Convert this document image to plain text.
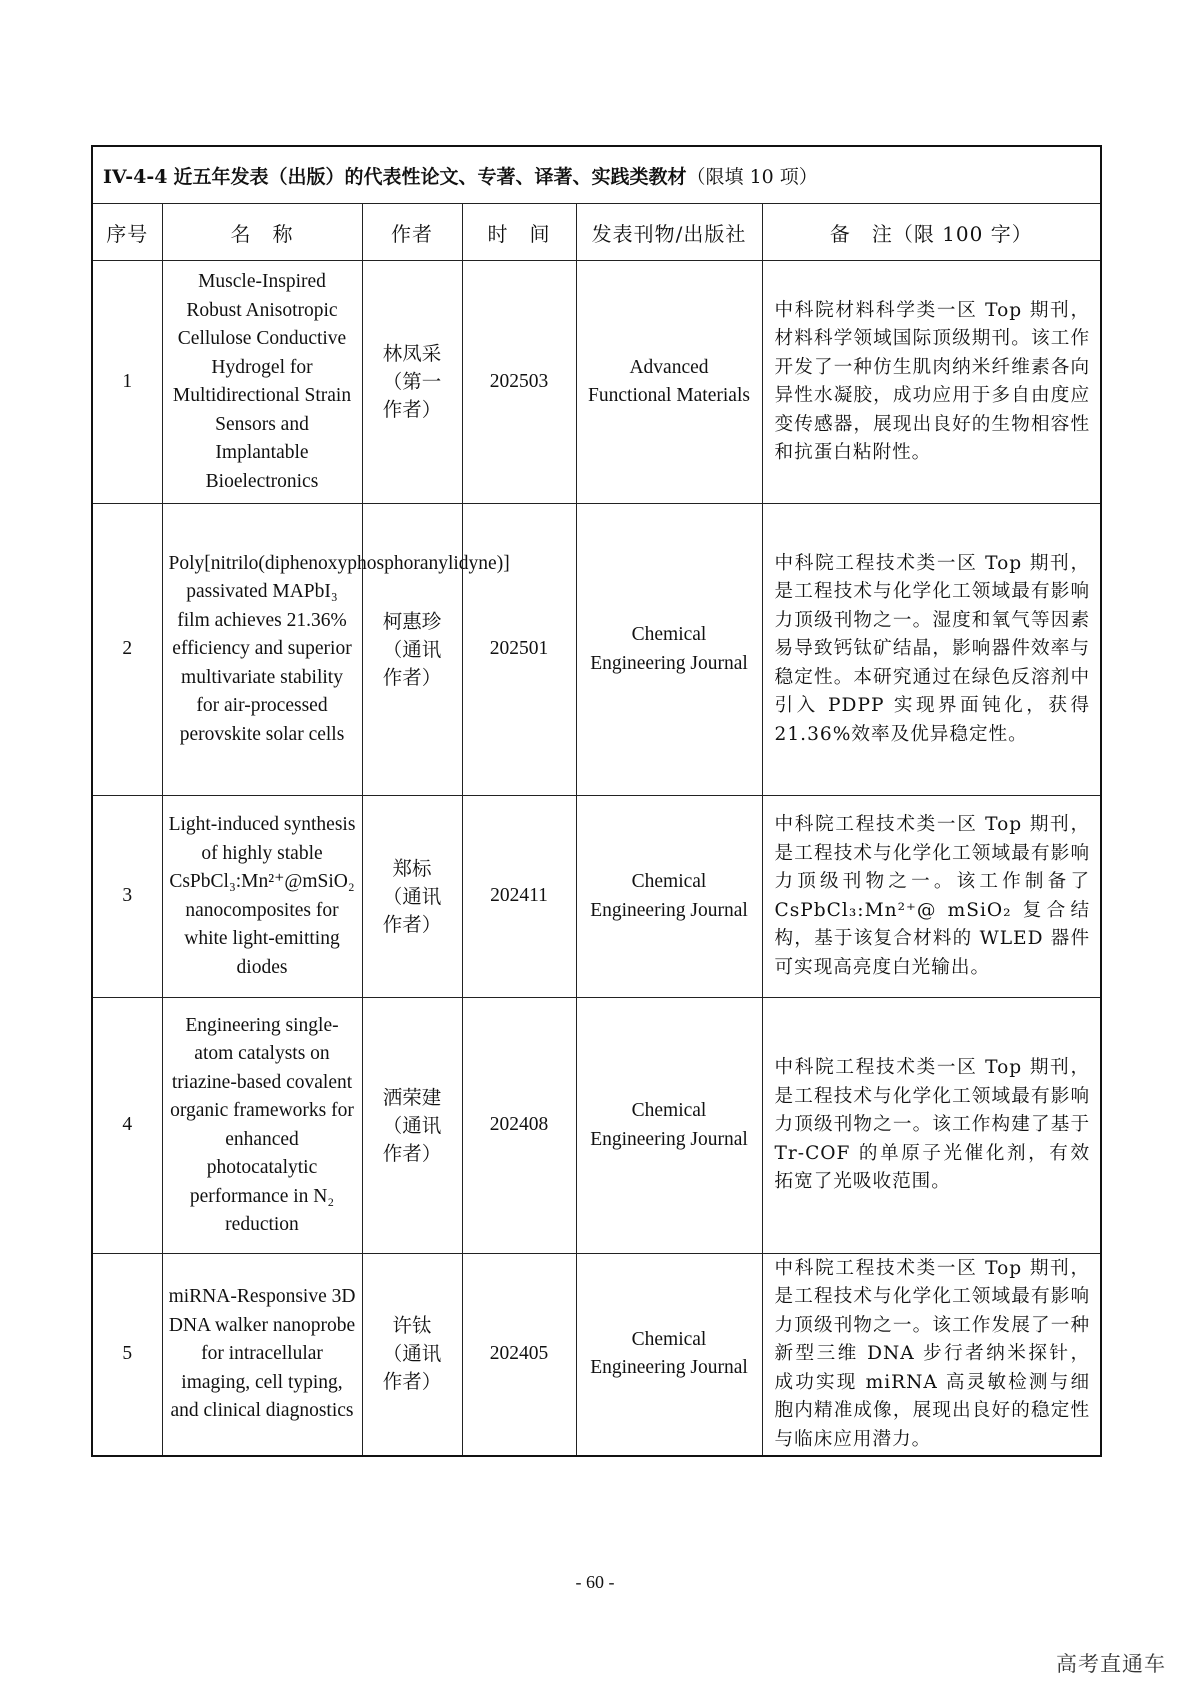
IV-4-4 近五年发表（出版）的代表性论文、专著、译著、实践类教材（限填 10 项）					
序号	名　称	作者	时　间	发表刊物/出版社	备　注（限 100 字）
1	Muscle-Inspired Robust Anisotropic Cellulose Conductive Hydrogel for Multidirectional Strain Sensors and Implantable Bioelectronics	林凤采（第一作者）	202503	Advanced Functional Materials	中科院材料科学类一区 Top 期刊，材料科学领域国际顶级期刊。该工作开发了一种仿生肌肉纳米纤维素各向异性水凝胶，成功应用于多自由度应变传感器，展现出良好的生物相容性和抗蛋白粘附性。
2	Poly[nitrilo(diphenoxyphosphoranylidyne)] passivated MAPbI₃ film achieves 21.36% efficiency and superior multivariate stability for air-processed perovskite solar cells	柯惠珍（通讯作者）	202501	Chemical Engineering Journal	中科院工程技术类一区 Top 期刊，是工程技术与化学化工领域最有影响力顶级刊物之一。湿度和氧气等因素易导致钙钛矿结晶，影响器件效率与稳定性。本研究通过在绿色反溶剂中引入 PDPP 实现界面钝化，获得 21.36%效率及优异稳定性。
3	Light-induced synthesis of highly stable CsPbCl₃:Mn²⁺@mSiO₂ nanocomposites for white light-emitting diodes	郑标（通讯作者）	202411	Chemical Engineering Journal	中科院工程技术类一区 Top 期刊，是工程技术与化学化工领域最有影响力顶级刊物之一。该工作制备了 CsPbCl₃:Mn²⁺@ mSiO₂ 复合结构，基于该复合材料的 WLED 器件可实现高亮度白光输出。
4	Engineering single-atom catalysts on triazine-based covalent organic frameworks for enhanced photocatalytic performance in N₂ reduction	洒荣建（通讯作者）	202408	Chemical Engineering Journal	中科院工程技术类一区 Top 期刊，是工程技术与化学化工领域最有影响力顶级刊物之一。该工作构建了基于 Tr-COF 的单原子光催化剂，有效拓宽了光吸收范围。
5	miRNA-Responsive 3D DNA walker nanoprobe for intracellular imaging, cell typing, and clinical diagnostics	许钛（通讯作者）	202405	Chemical Engineering Journal	中科院工程技术类一区 Top 期刊，是工程技术与化学化工领域最有影响力顶级刊物之一。该工作发展了一种新型三维 DNA 步行者纳米探针，成功实现 miRNA 高灵敏检测与细胞内精准成像，展现出良好的稳定性与临床应用潜力。
- 60 -
高考直通车
